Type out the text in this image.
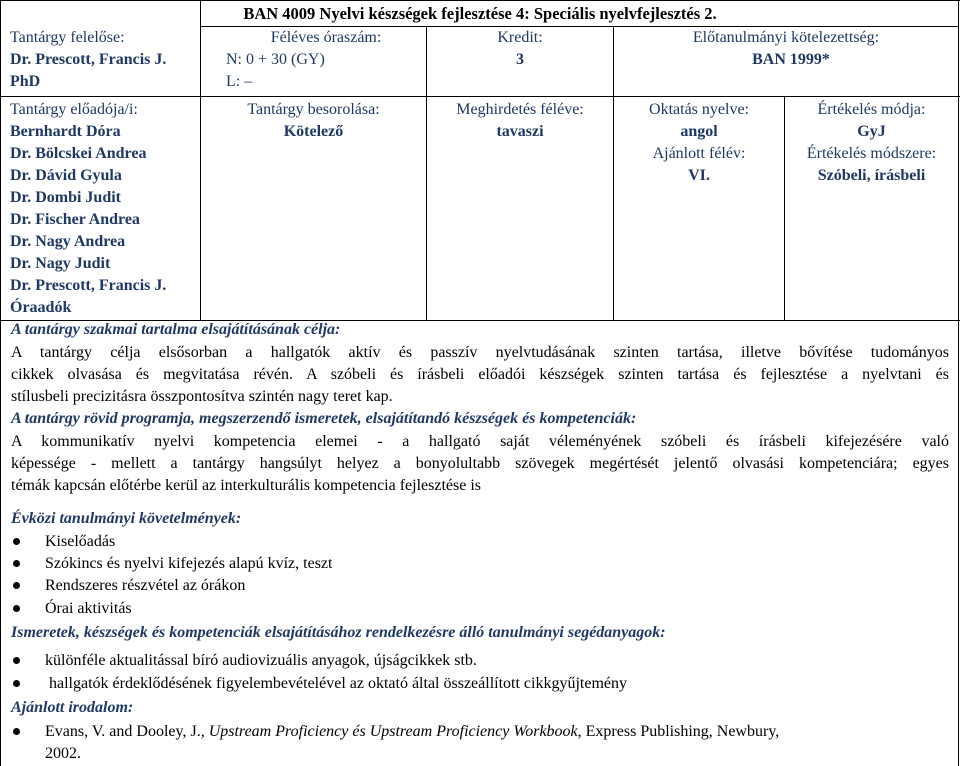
BAN 4009 Nyelvi készségek fejlesztése 4: Speciális nyelvfejlesztés 2.
Tantárgy felelőse:
Dr. Prescott, Francis J.
PhD
Féléves óraszám:
N: 0 + 30 (GY)
L: –
Kredit:
3
Előtanulmányi kötelezettség:
BAN 1999*
Tantárgy előadója/i:
Bernhardt Dóra
Dr. Bölcskei Andrea
Dr. Dávid Gyula
Dr. Dombi Judit
Dr. Fischer Andrea
Dr. Nagy Andrea
Dr. Nagy Judit
Dr. Prescott, Francis J.
Óraadók
Tantárgy besorolása:
Kötelező
Meghirdetés féléve:
tavaszi
Oktatás nyelve:
angol
Ajánlott félév:
VI.
Értékelés módja:
GyJ
Értékelés módszere:
Szóbeli, írásbeli
A tantárgy szakmai tartalma elsajátításának célja:
A tantárgy célja elsősorban a hallgatók aktív és passzív nyelvtudásának szinten tartása, illetve bővítése tudományos
cikkek olvasása és megvitatása révén. A szóbeli és írásbeli előadói készségek szinten tartása és fejlesztése a nyelvtani és
stílusbeli precizitásra összpontosítva szintén nagy teret kap.
A tantárgy rövid programja, megszerzendő ismeretek, elsajátítandó készségek és kompetenciák:
A kommunikatív nyelvi kompetencia elemei - a hallgató saját véleményének szóbeli és írásbeli kifejezésére való
képessége - mellett a tantárgy hangsúlyt helyez a bonyolultabb szövegek megértését jelentő olvasási kompetenciára; egyes
témák kapcsán előtérbe kerül az interkulturális kompetencia fejlesztése is
Évközi tanulmányi követelmények:
Kiselőadás
Szókincs és nyelvi kifejezés alapú kvíz, teszt
Rendszeres részvétel az órákon
Órai aktivitás
Ismeretek, készségek és kompetenciák elsajátításához rendelkezésre álló tanulmányi segédanyagok:
különféle aktualitással bíró audiovizuális anyagok, újságcikkek stb.
hallgatók érdeklődésének figyelembevételével az oktató által összeállított cikkgyűjtemény
Ajánlott irodalom:
Evans, V. and Dooley, J., Upstream Proficiency és Upstream Proficiency Workbook, Express Publishing, Newbury,
2002.
